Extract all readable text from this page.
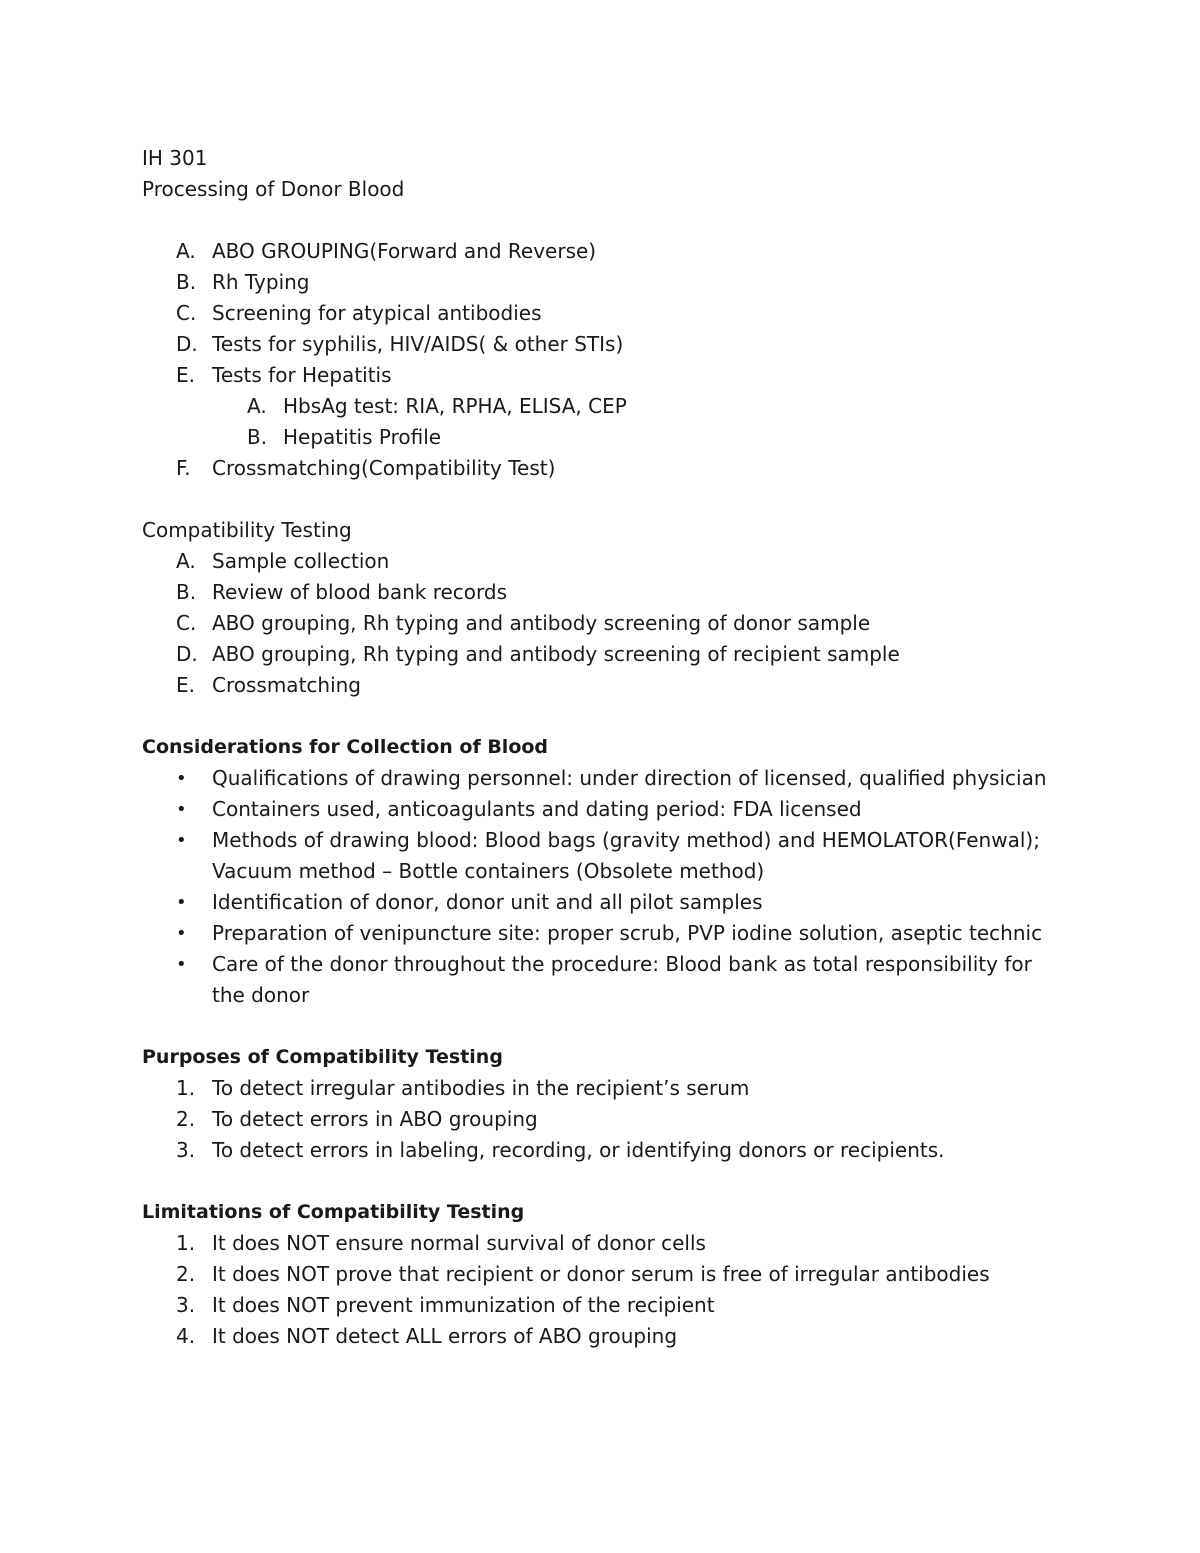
IH 301
Processing of Donor Blood
A. ABO GROUPING(Forward and Reverse)
B. Rh Typing
C. Screening for atypical antibodies
D. Tests for syphilis, HIV/AIDS( & other STIs)
E. Tests for Hepatitis
A. HbsAg test: RIA, RPHA, ELISA, CEP
B. Hepatitis Profile
F. Crossmatching(Compatibility Test)
Compatibility Testing
A. Sample collection
B. Review of blood bank records
C. ABO grouping, Rh typing and antibody screening of donor sample
D. ABO grouping, Rh typing and antibody screening of recipient sample
E. Crossmatching
Considerations for Collection of Blood
• Qualifications of drawing personnel: under direction of licensed, qualified physician
• Containers used, anticoagulants and dating period: FDA licensed
• Methods of drawing blood: Blood bags (gravity method) and HEMOLATOR(Fenwal); Vacuum method – Bottle containers (Obsolete method)
• Identification of donor, donor unit and all pilot samples
• Preparation of venipuncture site: proper scrub, PVP iodine solution, aseptic technic
• Care of the donor throughout the procedure: Blood bank as total responsibility for the donor
Purposes of Compatibility Testing
1. To detect irregular antibodies in the recipient’s serum
2. To detect errors in ABO grouping
3. To detect errors in labeling, recording, or identifying donors or recipients.
Limitations of Compatibility Testing
1. It does NOT ensure normal survival of donor cells
2. It does NOT prove that recipient or donor serum is free of irregular antibodies
3. It does NOT prevent immunization of the recipient
4. It does NOT detect ALL errors of ABO grouping
